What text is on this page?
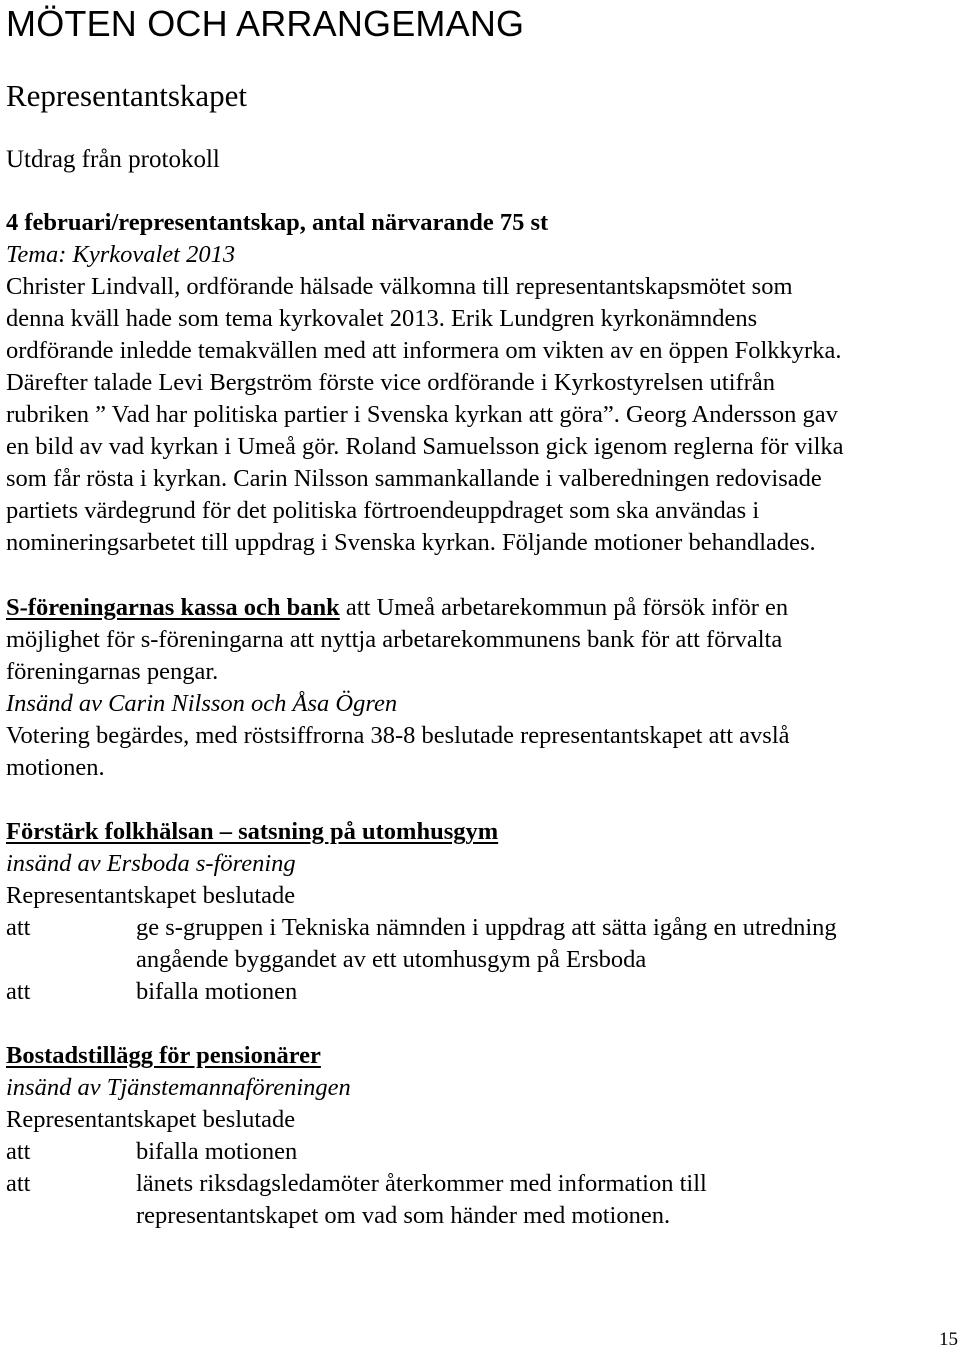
MÖTEN OCH ARRANGEMANG
Representantskapet
Utdrag från protokoll
4 februari/representantskap, antal närvarande 75 st
Tema: Kyrkovalet 2013
Christer Lindvall, ordförande hälsade välkomna till representantskapsmötet som
denna kväll hade som tema kyrkovalet 2013. Erik Lundgren kyrkonämndens
ordförande inledde temakvällen med att informera om vikten av en öppen Folkkyrka.
Därefter talade Levi Bergström förste vice ordförande i Kyrkostyrelsen utifrån
rubriken ” Vad har politiska partier i Svenska kyrkan att göra”. Georg Andersson gav
en bild av vad kyrkan i Umeå gör. Roland Samuelsson gick igenom reglerna för vilka
som får rösta i kyrkan. Carin Nilsson sammankallande i valberedningen redovisade
partiets värdegrund för det politiska förtroendeuppdraget som ska användas i
nomineringsarbetet till uppdrag i Svenska kyrkan. Följande motioner behandlades.
S-föreningarnas kassa och bank att Umeå arbetarekommun på försök inför en
möjlighet för s-föreningarna att nyttja arbetarekommunens bank för att förvalta
föreningarnas pengar.
Insänd av Carin Nilsson och Åsa Ögren
Votering begärdes, med röstsiffrorna 38-8 beslutade representantskapet att avslå
motionen.
Förstärk folkhälsan – satsning på utomhusgym
insänd av Ersboda s-förening
Representantskapet beslutade
att	ge s-gruppen i Tekniska nämnden i uppdrag att sätta igång en utredning
angående byggandet av ett utomhusgym på Ersboda
att	bifalla motionen
Bostadstillägg för pensionärer
insänd av Tjänstemannaföreningen
Representantskapet beslutade
att	bifalla motionen
att	länets riksdagsledamöter återkommer med information till
representantskapet om vad som händer med motionen.
15
